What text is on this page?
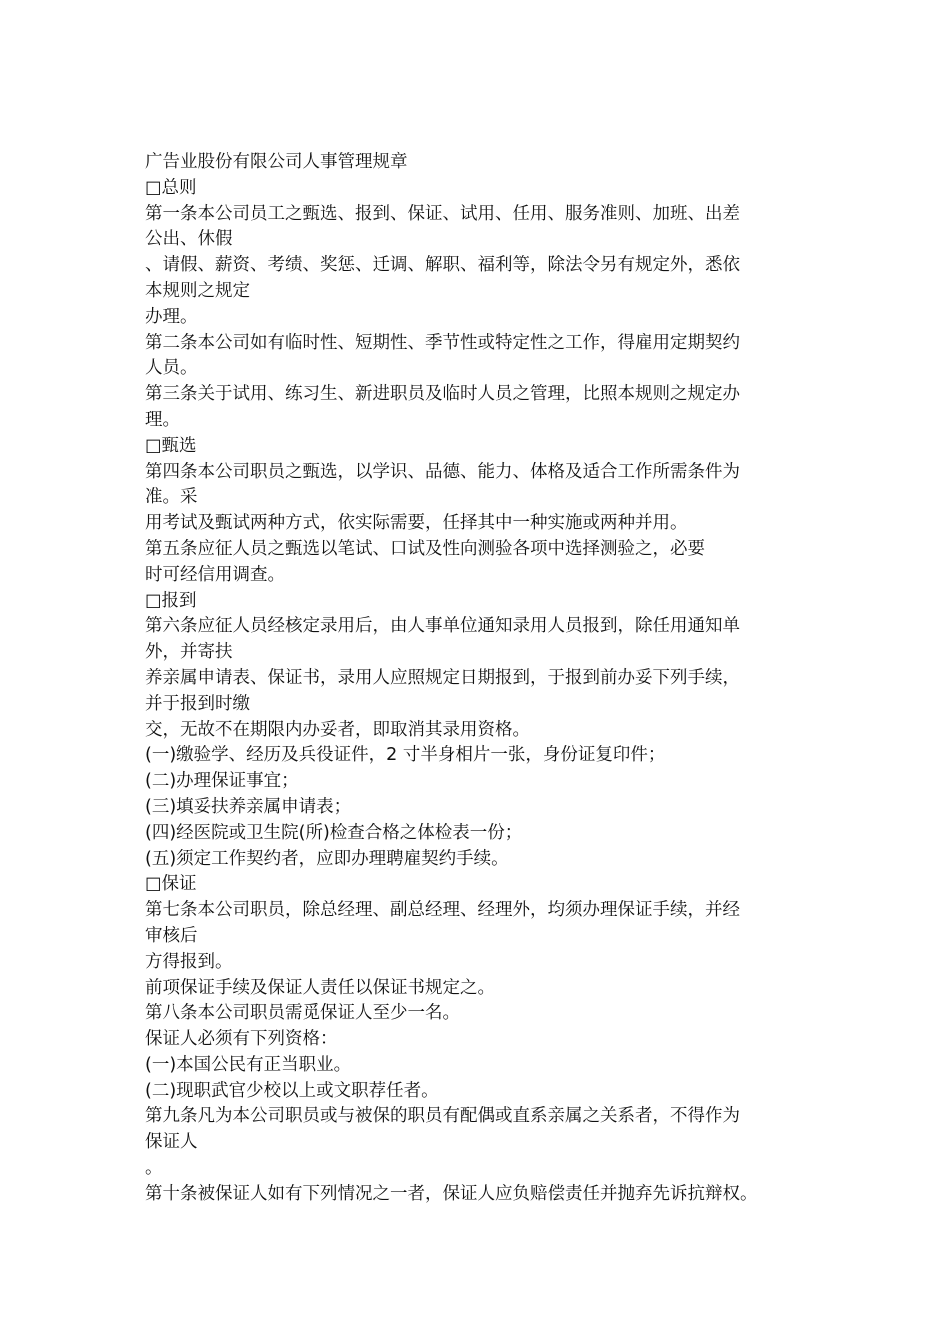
广告业股份有限公司人事管理规章
□总则
第一条本公司员工之甄选、报到、保证、试用、任用、服务准则、加班、出差
公出、休假
、请假、薪资、考绩、奖惩、迁调、解职、福利等，除法令另有规定外，悉依
本规则之规定
办理。
第二条本公司如有临时性、短期性、季节性或特定性之工作，得雇用定期契约
人员。
第三条关于试用、练习生、新进职员及临时人员之管理，比照本规则之规定办
理。
□甄选
第四条本公司职员之甄选，以学识、品德、能力、体格及适合工作所需条件为
准。采
用考试及甄试两种方式，依实际需要，任择其中一种实施或两种并用。
第五条应征人员之甄选以笔试、口试及性向测验各项中选择测验之，必要
时可经信用调查。
□报到
第六条应征人员经核定录用后，由人事单位通知录用人员报到，除任用通知单
外，并寄扶
养亲属申请表、保证书，录用人应照规定日期报到，于报到前办妥下列手续，
并于报到时缴
交，无故不在期限内办妥者，即取消其录用资格。
(一)缴验学、经历及兵役证件，2 寸半身相片一张，身份证复印件；
(二)办理保证事宜；
(三)填妥扶养亲属申请表；
(四)经医院或卫生院(所)检查合格之体检表一份；
(五)须定工作契约者，应即办理聘雇契约手续。
□保证
第七条本公司职员，除总经理、副总经理、经理外，均须办理保证手续，并经
审核后
方得报到。
前项保证手续及保证人责任以保证书规定之。
第八条本公司职员需觅保证人至少一名。
保证人必须有下列资格：
(一)本国公民有正当职业。
(二)现职武官少校以上或文职荐任者。
第九条凡为本公司职员或与被保的职员有配偶或直系亲属之关系者，不得作为
保证人
。
第十条被保证人如有下列情况之一者，保证人应负赔偿责任并抛弃先诉抗辩权。
